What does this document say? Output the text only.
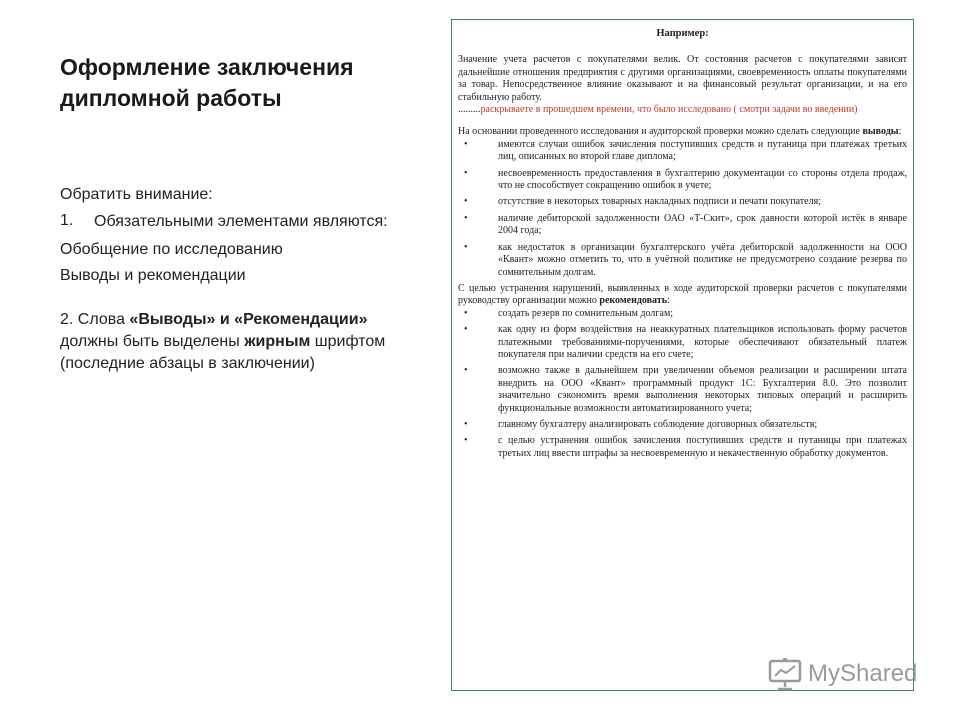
Оформление заключения дипломной работы

Обратить внимание:

1.	Обязательными элементами являются:

Обобщение по исследованию

Выводы и рекомендации

2. Слова «Выводы» и «Рекомендации» должны быть выделены жирным шрифтом (последние абзацы в заключении)

Например:

Значение учета расчетов с покупателями велик. От состояния расчетов с покупателями зависят дальнейшие отношения предприятия с другими организациями, своевременность оплаты покупателями за товар. Непосредственное влияние оказывают и на финансовый результат организации, и на его стабильную работу.

.........раскрываете в прошедшем времени, что было исследовано ( смотри задачи во введении)

На основании проведенного исследования и аудиторской проверки можно сделать следующие выводы:

•	имеются случаи ошибок зачисления поступивших средств и путаница при платежах третьих лиц, описанных во второй главе диплома;
•	несвоевременность предоставления в бухгалтерию документации со стороны отдела продаж, что не способствует сокращению ошибок в учете;
•	отсутствие в некоторых товарных накладных подписи и печати покупателя;
•	наличие дебиторской задолженности ОАО «Т-Скит», срок давности которой истёк в январе 2004 года;
•	как недостаток в организации бухгалтерского учёта дебиторской задолженности на ООО «Квант» можно отметить то, что в учётной политике не предусмотрено создание резерва по сомнительным долгам.

С целью устранения нарушений, выявленных в ходе аудиторской проверки расчетов с покупателями руководству организации можно рекомендовать:

•	создать резерв по сомнительным долгам;
•	как одну из форм воздействия на неаккуратных плательщиков использовать форму расчетов платежными требованиями-поручениями, которые обеспечивают обязательный платеж покупателя при наличии средств на его счете;
•	возможно также в дальнейшем при увеличении объемов реализации и расширении штата внедрить на ООО «Квант» программный продукт 1С: Бухгалтерия 8.0. Это позволит значительно сэкономить время выполнения некоторых типовых операций и расширить функциональные возможности автоматизированного учета;
•	главному бухгалтеру анализировать соблюдение договорных обязательств;
•	с целью устранения ошибок зачисления поступивших средств и путаницы при платежах третьих лиц ввести штрафы за несвоевременную и некачественную обработку документов.
MyShared
